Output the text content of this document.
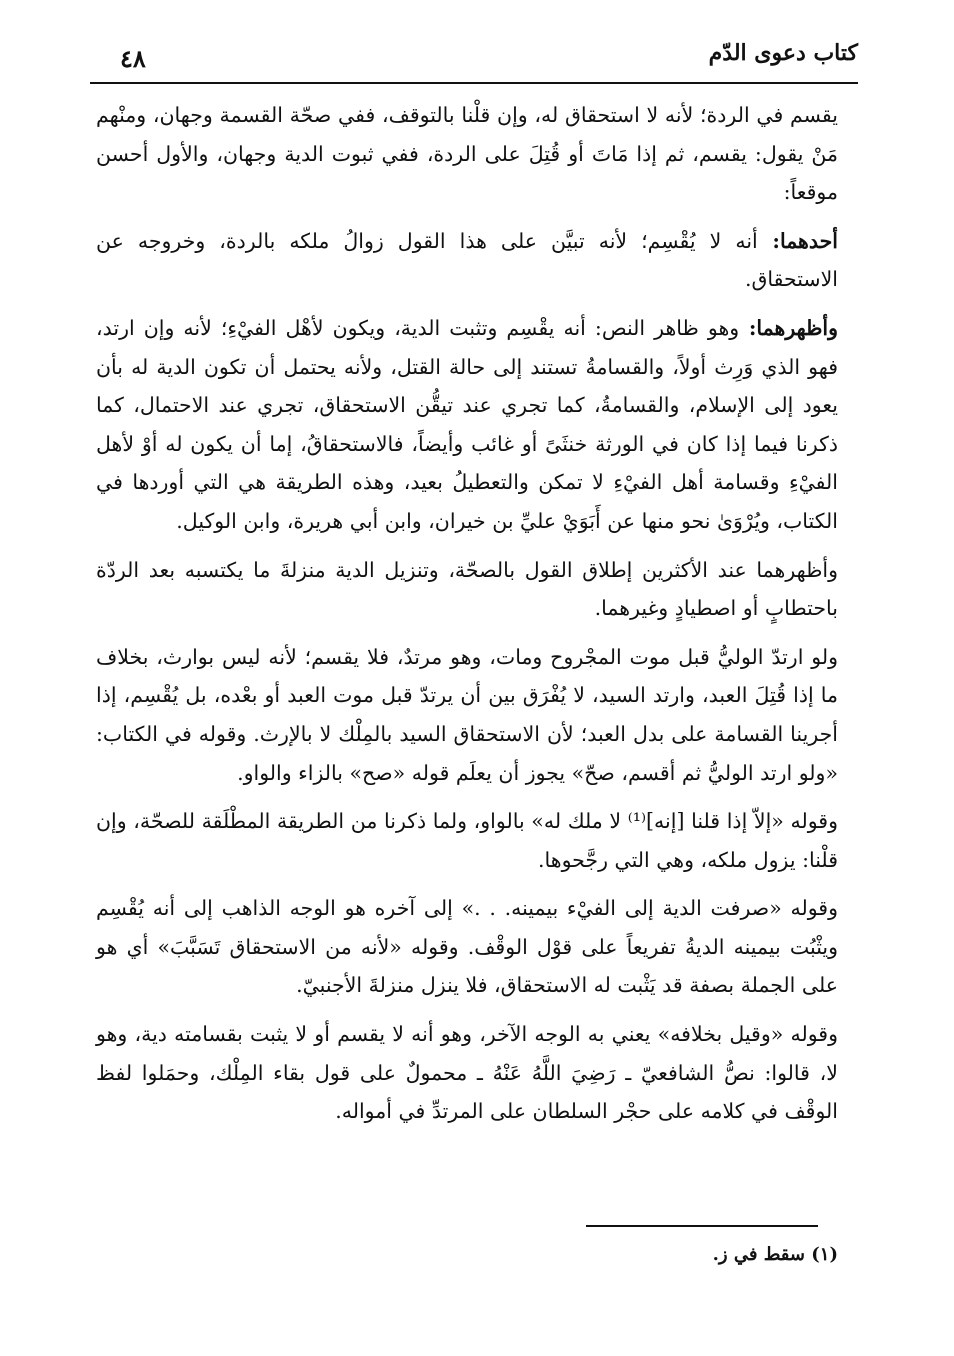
كتاب دعوى الدّم
٤٨

يقسم في الردة؛ لأنه لا استحقاق له، وإن قلْنا بالتوقف، ففي صحّة القسمة وجهان، ومنْهم مَنْ يقول: يقسم، ثم إذا مَاتَ أو قُتِلَ على الردة، ففي ثبوت الدية وجهان، والأول أحسن موقعاً:

أحدهما: أنه لا يُقْسِم؛ لأنه تبيَّن على هذا القول زوالُ ملكه بالردة، وخروجه عن الاستحقاق.

وأظهرهما: وهو ظاهر النص: أنه يقْسِم وتثبت الدية، ويكون لأهْل الفيْءِ؛ لأنه وإن ارتد، فهو الذي وَرِث أولاً، والقسامةُ تستند إلى حالة القتل، ولأنه يحتمل أن تكون الدية له بأن يعود إلى الإسلام، والقسامةُ، كما تجري عند تيقُّن الاستحقاق، تجري عند الاحتمال، كما ذكرنا فيما إذا كان في الورثة خنثَىً أو غائب وأيضاً، فالاستحقاقُ، إما أن يكون له أوْ لأهل الفيْءِ وقسامة أهل الفيْءِ لا تمكن والتعطيلُ بعيد، وهذه الطريقة هي التي أوردها في الكتاب، ويُرْوَىٰ نحو منها عن أَبَوَيْ عليِّ بن خيران، وابن أبي هريرة، وابن الوكيل.

وأظهرهما عند الأكثرين إطلاق القول بالصحّة، وتنزيل الدية منزلةَ ما يكتسبه بعد الردّة باحتطابٍ أو اصطيادٍ وغيرهما.

ولو ارتدّ الوليُّ قبل موت المجْروح ومات، وهو مرتدٌ، فلا يقسم؛ لأنه ليس بوارث، بخلاف ما إذا قُتِلَ العبد، وارتد السيد، لا يُفْرَق بين أن يرتدّ قبل موت العبد أو بعْده، بل يُقْسِم، إذا أجرينا القسامة على بدل العبد؛ لأن الاستحقاق السيد بالمِلْك لا بالإرث. وقوله في الكتاب: «ولو ارتد الوليُّ ثم أقسم، صحّ» يجوز أن يعلَم قوله «صح» بالزاء والواو.

وقوله «إلاّ إذا قلنا [إنه]⁽¹⁾ لا ملك له» بالواو، ولما ذكرنا من الطريقة المطْلَقة للصحّة، وإن قلْنا: يزول ملكه، وهي التي رجَّحوها.

وقوله «صرفت الدية إلى الفيْء بيمينه. . .» إلى آخره هو الوجه الذاهب إلى أنه يُقْسِم ويثْبُت بيمينه الديةُ تفريعاً على قوْل الوقْف. وقوله «لأنه من الاستحقاق تَسَبَّبَ» أي هو على الجملة بصفة قد يَثْبت له الاستحقاق، فلا ينزل منزلةَ الأجنبيّ.

وقوله «وقيل بخلافه» يعني به الوجه الآخر، وهو أنه لا يقسم أو لا يثبت بقسامته دية، وهو لا، قالوا: نصُّ الشافعيّ ـ رَضِيَ اللَّهُ عَنْهُ ـ محمولٌ على قول بقاء المِلْك، وحمَلوا لفظ الوقْف في كلامه على حجْر السلطان على المرتدِّ في أمواله.

(١) سقط في ز.
